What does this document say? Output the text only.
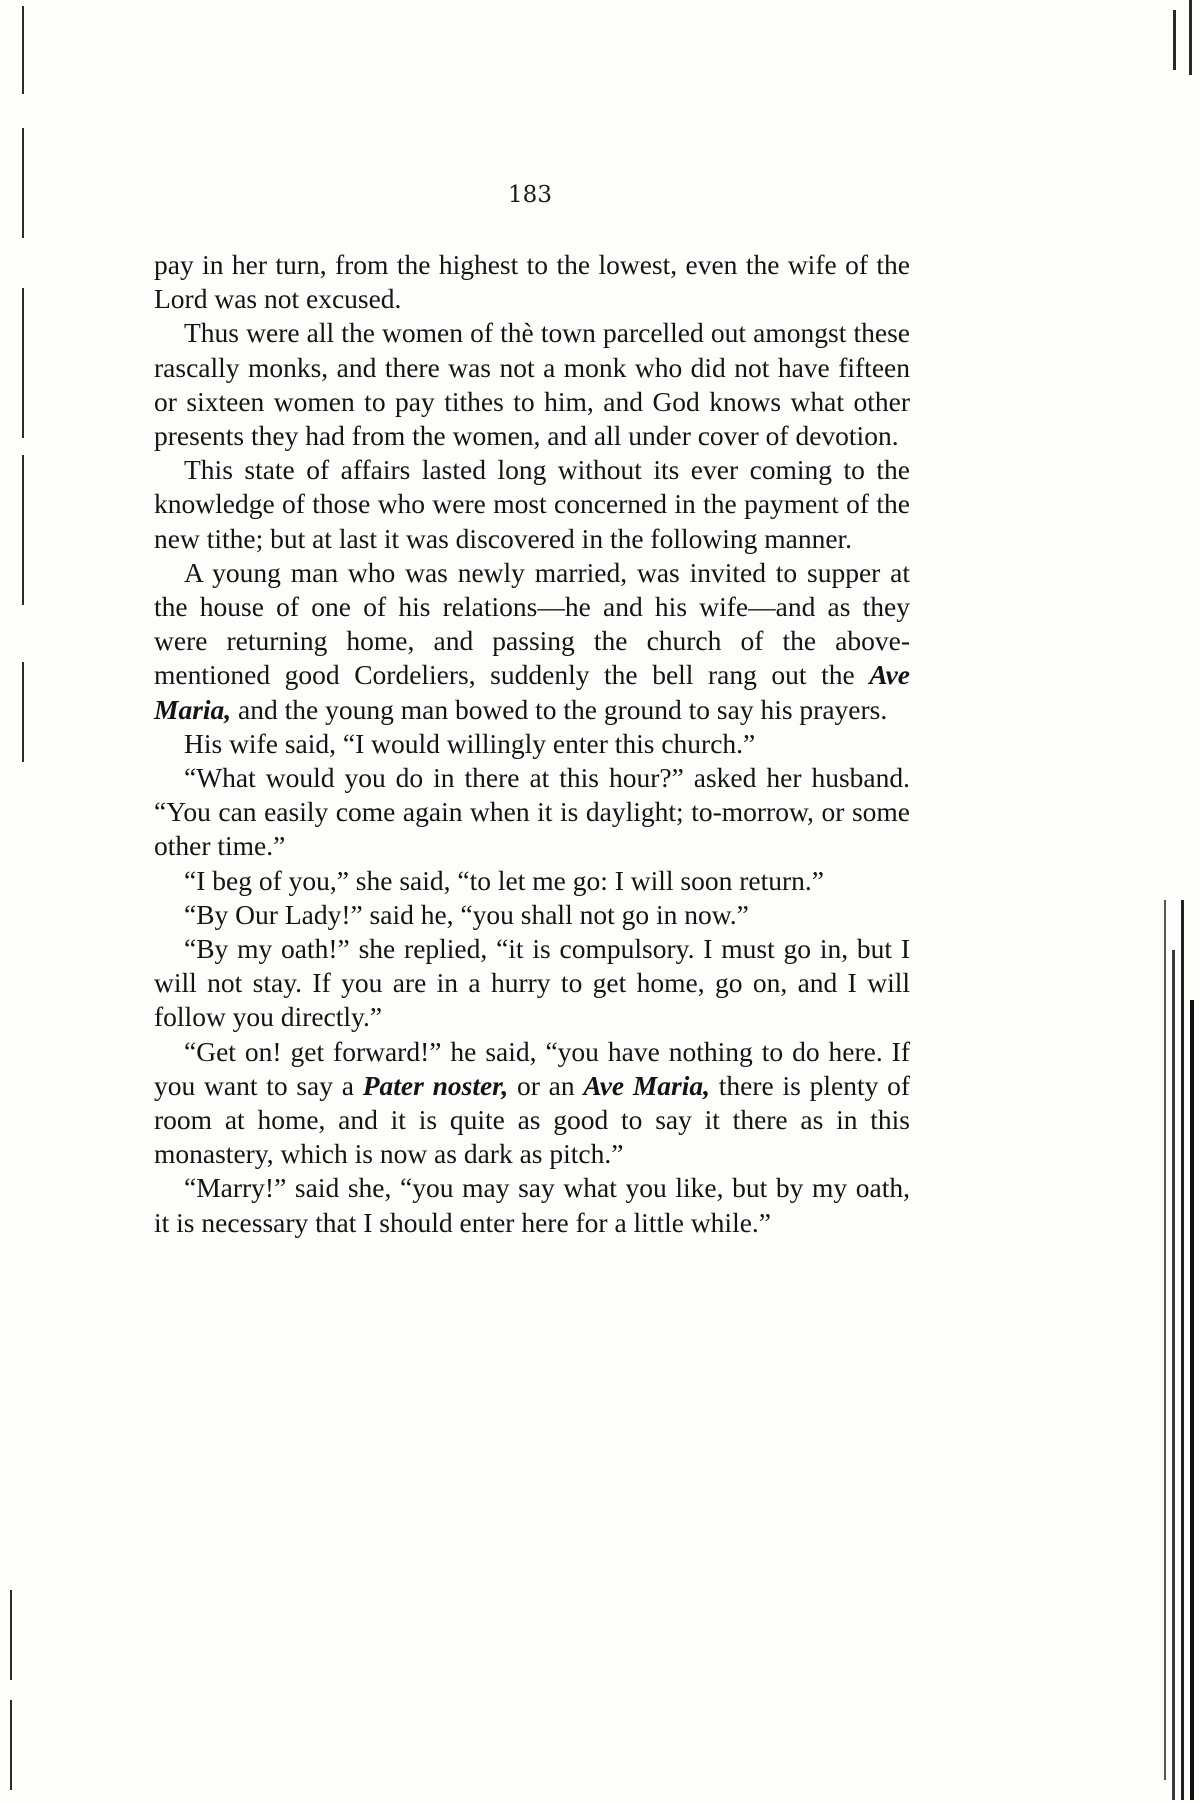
183

pay in her turn, from the highest to the lowest, even the wife of the Lord was not excused.

Thus were all the women of thè town parcelled out amongst these rascally monks, and there was not a monk who did not have fifteen or sixteen women to pay tithes to him, and God knows what other presents they had from the women, and all under cover of devotion.

This state of affairs lasted long without its ever coming to the knowledge of those who were most concerned in the payment of the new tithe; but at last it was discovered in the following manner.

A young man who was newly married, was invited to supper at the house of one of his relations—he and his wife—and as they were returning home, and passing the church of the above-mentioned good Cordeliers, suddenly the bell rang out the Ave Maria, and the young man bowed to the ground to say his prayers.

His wife said, “I would willingly enter this church.”

“What would you do in there at this hour?” asked her husband. “You can easily come again when it is daylight; to-morrow, or some other time.”

“I beg of you,” she said, “to let me go: I will soon return.”

“By Our Lady!” said he, “you shall not go in now.”

“By my oath!” she replied, “it is compulsory. I must go in, but I will not stay. If you are in a hurry to get home, go on, and I will follow you directly.”

“Get on! get forward!” he said, “you have nothing to do here. If you want to say a Pater noster, or an Ave Maria, there is plenty of room at home, and it is quite as good to say it there as in this monastery, which is now as dark as pitch.”

“Marry!” said she, “you may say what you like, but by my oath, it is necessary that I should enter here for a little while.”
